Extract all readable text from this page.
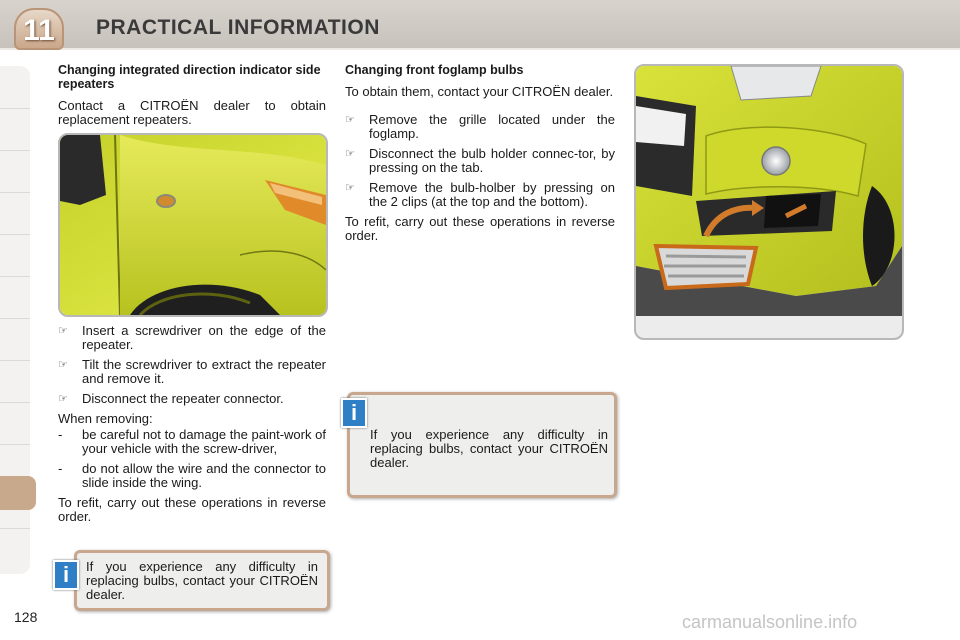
11	PRACTICAL INFORMATION
128
Changing integrated direction indicator side repeaters

Contact a CITROËN dealer to obtain replacement repeaters.

☞ Insert a screwdriver on the edge of the repeater.
☞ Tilt the screwdriver to extract the repeater and remove it.
☞ Disconnect the repeater connector.

When removing:

- be careful not to damage the paint-work of your vehicle with the screw-driver,
- do not allow the wire and the connector to slide inside the wing.

To refit, carry out these operations in reverse order.

If you experience any difficulty in replacing bulbs, contact your CITROËN dealer.
i
Changing front foglamp bulbs

To obtain them, contact your CITROËN dealer.

☞ Remove the grille located under the foglamp.
☞ Disconnect the bulb holder connec-tor, by pressing on the tab.
☞ Remove the bulb-holber by pressing on the 2 clips (at the top and the bottom).

To refit, carry out these operations in reverse order.

If you experience any difficulty in replacing bulbs, contact your CITROËN dealer.
i
carmanualsonline.info
